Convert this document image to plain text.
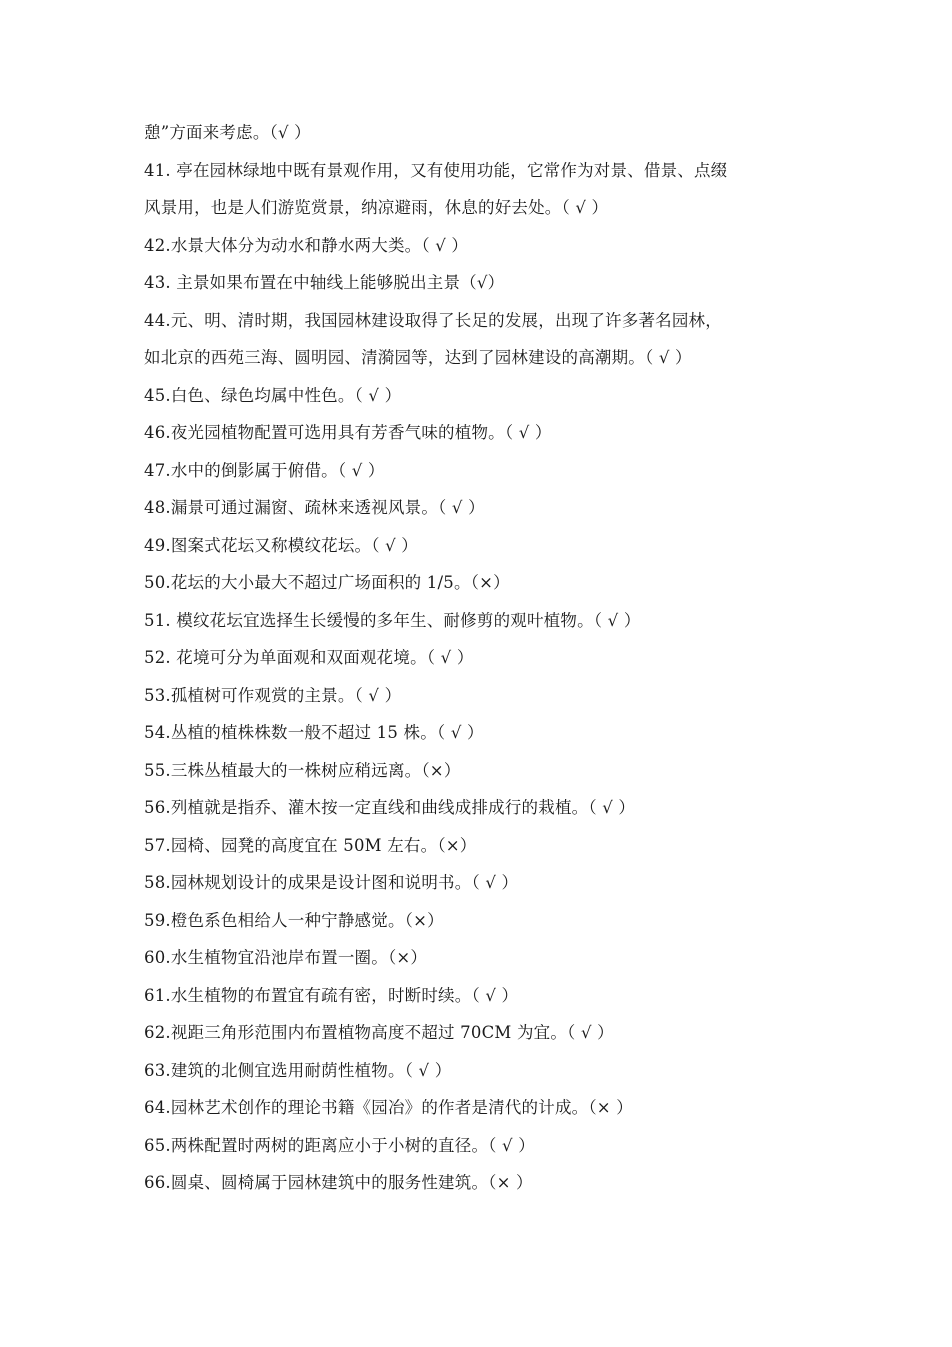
憩”方面来考虑。（√ ）
41. 亭在园林绿地中既有景观作用，又有使用功能，它常作为对景、借景、点缀
风景用，也是人们游览赏景，纳凉避雨，休息的好去处。（ √ ）
42.水景大体分为动水和静水两大类。（ √ ）
43. 主景如果布置在中轴线上能够脱出主景（√）
44.元、明、清时期，我国园林建设取得了长足的发展，出现了许多著名园林，
如北京的西苑三海、圆明园、清漪园等，达到了园林建设的高潮期。（ √ ）
45.白色、绿色均属中性色。（ √ ）
46.夜光园植物配置可选用具有芳香气味的植物。（ √ ）
47.水中的倒影属于俯借。（ √ ）
48.漏景可通过漏窗、疏林来透视风景。（ √ ）
49.图案式花坛又称模纹花坛。（ √ ）
50.花坛的大小最大不超过广场面积的 1/5。（×）
51. 模纹花坛宜选择生长缓慢的多年生、耐修剪的观叶植物。（ √ ）
52. 花境可分为单面观和双面观花境。（ √ ）
53.孤植树可作观赏的主景。（ √ ）
54.丛植的植株株数一般不超过 15 株。（ √ ）
55.三株丛植最大的一株树应稍远离。（×）
56.列植就是指乔、灌木按一定直线和曲线成排成行的栽植。（ √ ）
57.园椅、园凳的高度宜在 50M 左右。（×）
58.园林规划设计的成果是设计图和说明书。（ √ ）
59.橙色系色相给人一种宁静感觉。（×）
60.水生植物宜沿池岸布置一圈。（×）
61.水生植物的布置宜有疏有密，时断时续。（ √ ）
62.视距三角形范围内布置植物高度不超过 70CM 为宜。（ √ ）
63.建筑的北侧宜选用耐荫性植物。（ √ ）
64.园林艺术创作的理论书籍《园冶》的作者是清代的计成。（× ）
65.两株配置时两树的距离应小于小树的直径。（ √ ）
66.圆桌、圆椅属于园林建筑中的服务性建筑。（× ）
